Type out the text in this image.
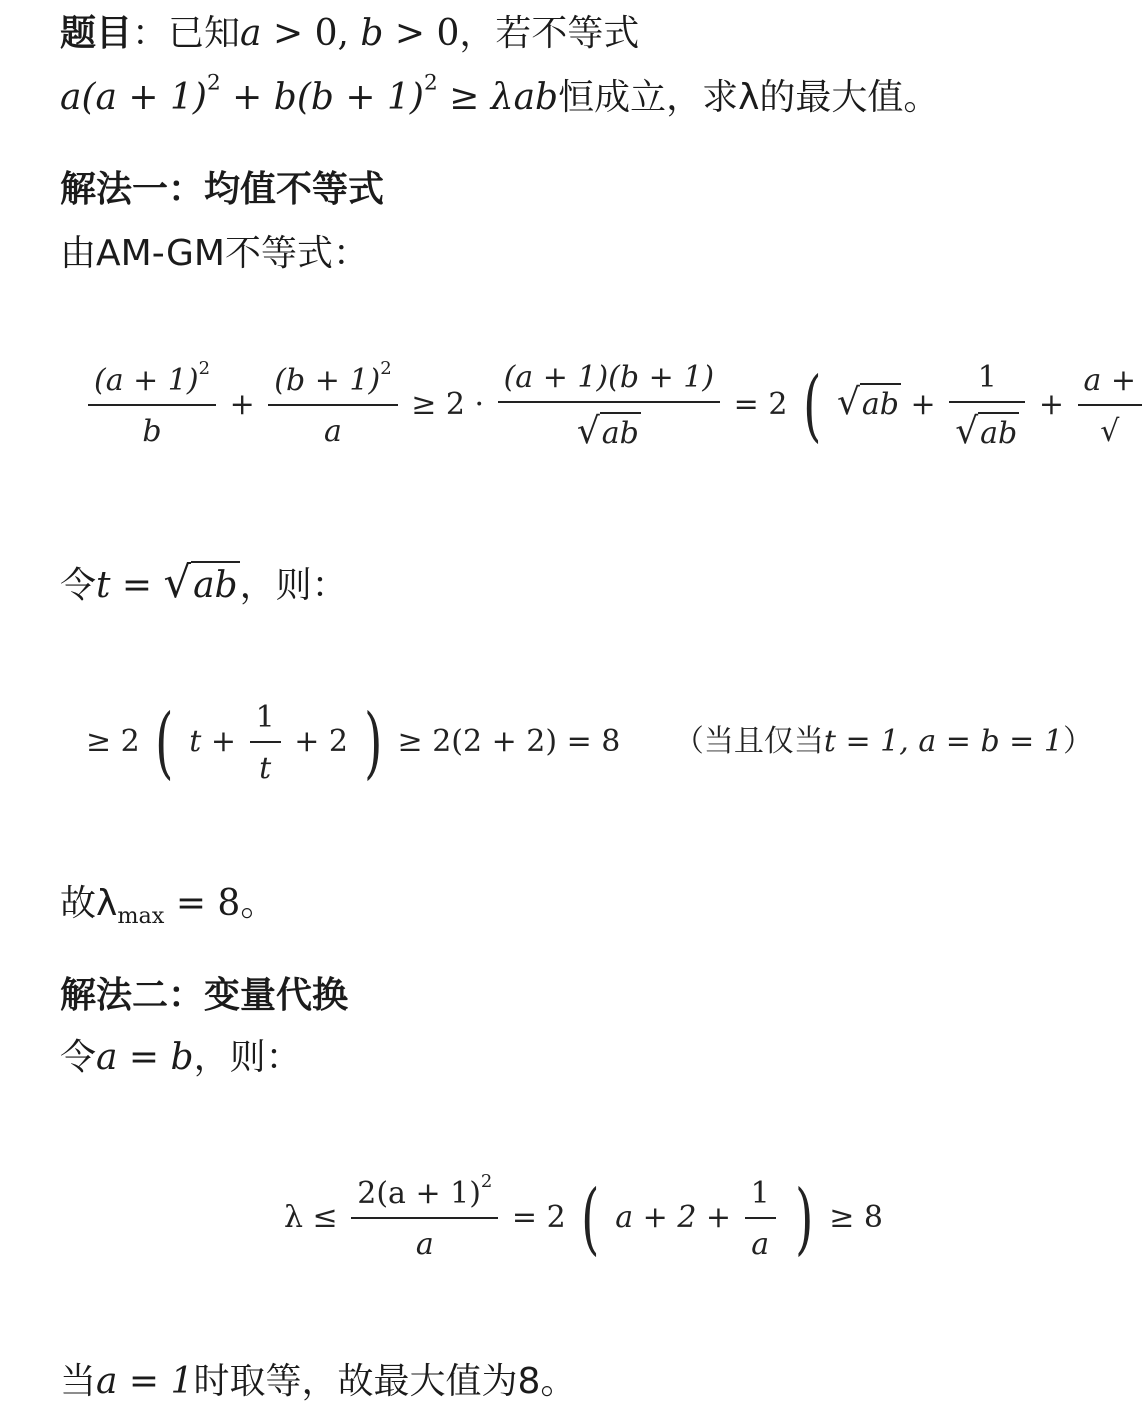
题目：已知a > 0, b > 0，若不等式
$a(a + 1)^2 + b(b + 1)^2 \ge \lambda ab$恒成立，求λ的最大值。
解法一：均值不等式
由AM-GM不等式：
$\frac{(a + 1)^2}{b} + \frac{(b + 1)^2}{a} \ge 2 \cdot \frac{(a + 1)(b + 1)}{√ab} = 2$ ( $√ab + \frac{1}{√ab} + \frac{a +}{√}$
令t = √ab，则：
≥ 2 ( $t + \frac{1}{t} + 2$ ) ≥ 2(2 + 2) = 8 （当且仅当t = 1, a = b = 1）
故$\lambda_{max} = 8$。
解法二：变量代换
令a = b，则：
$\lambda \le \frac{2(a + 1)^2}{a} = 2$ ( $a + 2 + \frac{1}{a}$ ) ≥ 8
当a = 1时取等，故最大值为8。
